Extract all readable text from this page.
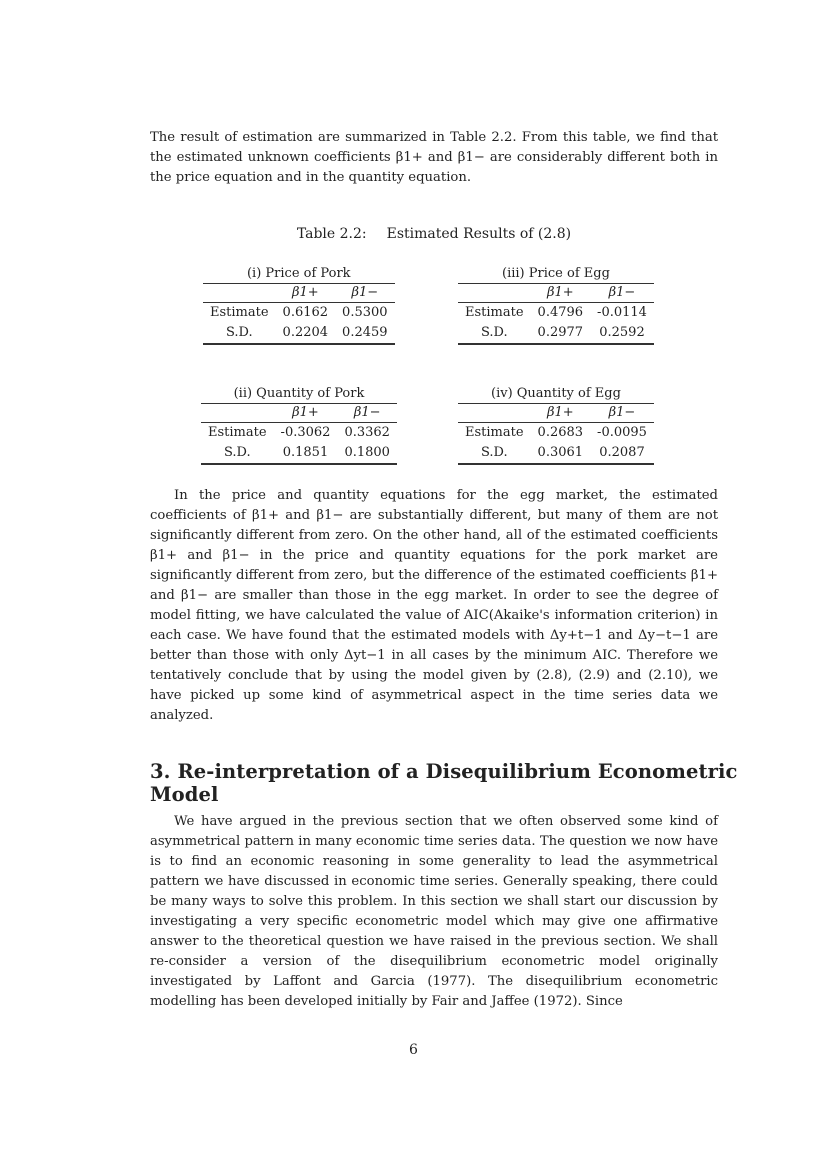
The result of estimation are summarized in Table 2.2. From this table, we find that the estimated unknown coefficients β1+ and β1− are considerably different both in the price equation and in the quantity equation.

Table 2.2: Estimated Results of (2.8)
(i) Price of Pork
	β1+	β1−
Estimate	0.6162	0.5300
S.D.	0.2204	0.2459
(iii) Price of Egg
	β1+	β1−
Estimate	0.4796	-0.0114
S.D.	0.2977	0.2592
(ii) Quantity of Pork
	β1+	β1−
Estimate	-0.3062	0.3362
S.D.	0.1851	0.1800
(iv) Quantity of Egg
	β1+	β1−
Estimate	0.2683	-0.0095
S.D.	0.3061	0.2087

In the price and quantity equations for the egg market, the estimated coefficients of β1+ and β1− are substantially different, but many of them are not significantly different from zero. On the other hand, all of the estimated coefficients β1+ and β1− in the price and quantity equations for the pork market are significantly different from zero, but the difference of the estimated coefficients β1+ and β1− are smaller than those in the egg market. In order to see the degree of model fitting, we have calculated the value of AIC(Akaike's information criterion) in each case. We have found that the estimated models with Δy+t−1 and Δy−t−1 are better than those with only Δyt−1 in all cases by the minimum AIC. Therefore we tentatively conclude that by using the model given by (2.8), (2.9) and (2.10), we have picked up some kind of asymmetrical aspect in the time series data we analyzed.

3. Re-interpretation of a Disequilibrium Econometric Model

We have argued in the previous section that we often observed some kind of asymmetrical pattern in many economic time series data. The question we now have is to find an economic reasoning in some generality to lead the asymmetrical pattern we have discussed in economic time series. Generally speaking, there could be many ways to solve this problem. In this section we shall start our discussion by investigating a very specific econometric model which may give one affirmative answer to the theoretical question we have raised in the previous section. We shall re-consider a version of the disequilibrium econometric model originally investigated by Laffont and Garcia (1977). The disequilibrium econometric modelling has been developed initially by Fair and Jaffee (1972). Since

6
